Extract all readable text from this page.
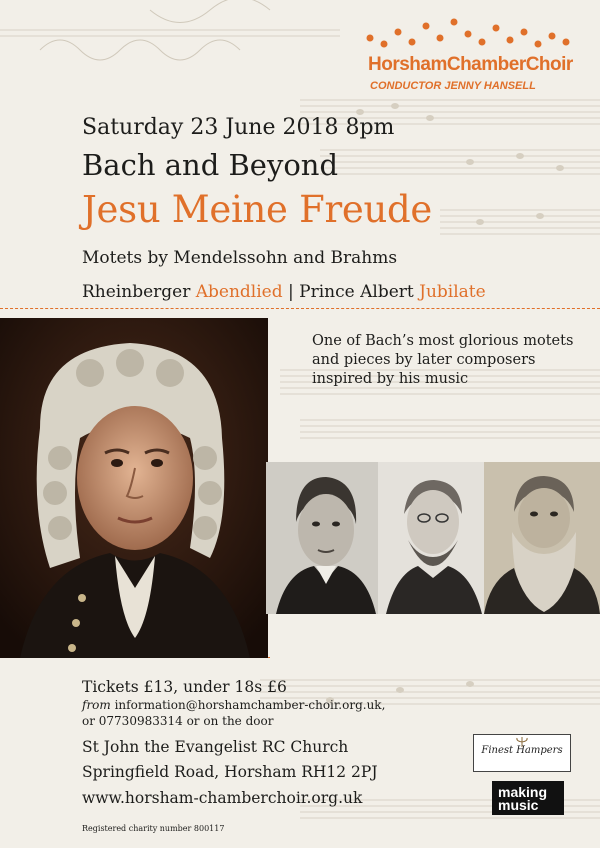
HorshamChamberChoir
CONDUCTOR JENNY HANSELL
Saturday 23 June 2018 8pm
Bach and Beyond
Jesu Meine Freude
Motets by Mendelssohn and Brahms
Rheinberger Abendlied | Prince Albert Jubilate
One of Bach’s most glorious motets and pieces by later composers inspired by his music
Tickets £13, under 18s £6
from information@horshamchamber-choir.org.uk,
or 07730983314 or on the door
St John the Evangelist RC Church
Springfield Road, Horsham RH12 2PJ
www.horsham-chamberchoir.org.uk
Registered charity number 800117
Finest Hampers
making
music
